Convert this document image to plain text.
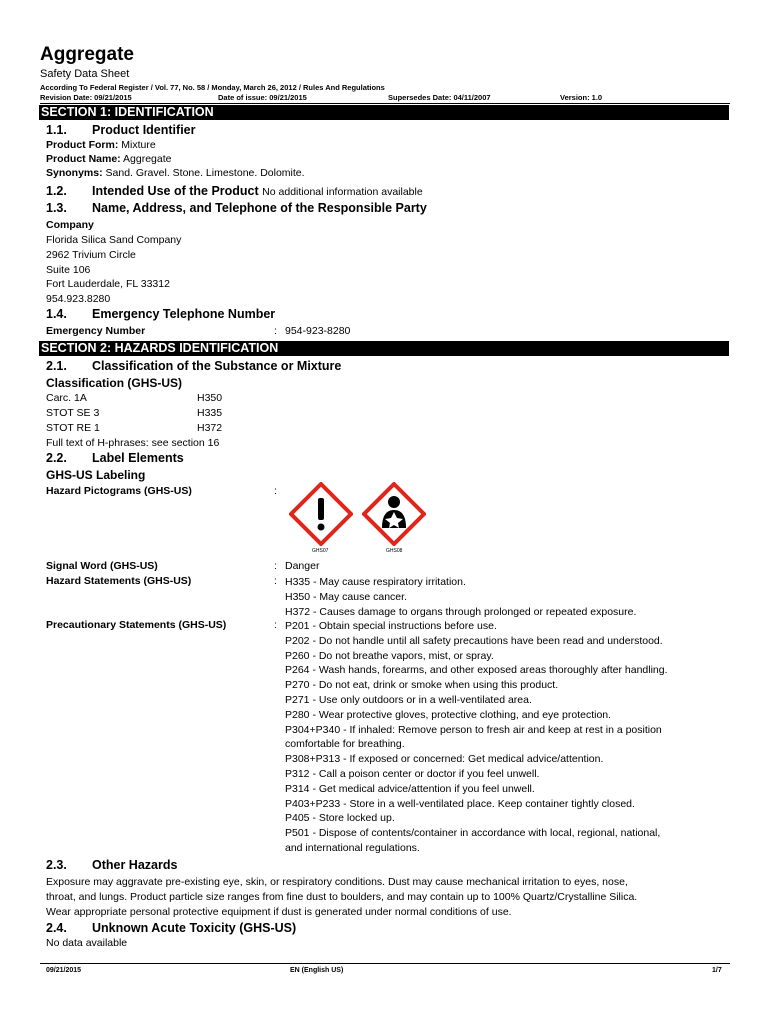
Aggregate
Safety Data Sheet
According To Federal Register / Vol. 77, No. 58 / Monday, March 26, 2012 / Rules And Regulations
Revision Date: 09/21/2015	Date of issue: 09/21/2015	Supersedes Date: 04/11/2007	Version: 1.0
SECTION 1: IDENTIFICATION
1.1. Product Identifier
Product Form: Mixture
Product Name: Aggregate
Synonyms: Sand. Gravel. Stone. Limestone. Dolomite.
1.2. Intended Use of the Product No additional information available
1.3. Name, Address, and Telephone of the Responsible Party
Company
Florida Silica Sand Company
2962 Trivium Circle
Suite 106
Fort Lauderdale, FL 33312
954.923.8280
1.4. Emergency Telephone Number
Emergency Number	: 954-923-8280
SECTION 2: HAZARDS IDENTIFICATION
2.1. Classification of the Substance or Mixture
Classification (GHS-US)
Carc. 1A	H350
STOT SE 3	H335
STOT RE 1	H372
Full text of H-phrases: see section 16
2.2. Label Elements
GHS-US Labeling
Hazard Pictograms (GHS-US)	:
GHS07	GHS08
Signal Word (GHS-US)	: Danger
Hazard Statements (GHS-US)	: H335 - May cause respiratory irritation.
H350 - May cause cancer.
H372 - Causes damage to organs through prolonged or repeated exposure.
Precautionary Statements (GHS-US)	: P201 - Obtain special instructions before use.
P202 - Do not handle until all safety precautions have been read and understood.
P260 - Do not breathe vapors, mist, or spray.
P264 - Wash hands, forearms, and other exposed areas thoroughly after handling.
P270 - Do not eat, drink or smoke when using this product.
P271 - Use only outdoors or in a well-ventilated area.
P280 - Wear protective gloves, protective clothing, and eye protection.
P304+P340 - If inhaled: Remove person to fresh air and keep at rest in a position
comfortable for breathing.
P308+P313 - If exposed or concerned: Get medical advice/attention.
P312 - Call a poison center or doctor if you feel unwell.
P314 - Get medical advice/attention if you feel unwell.
P403+P233 - Store in a well-ventilated place. Keep container tightly closed.
P405 - Store locked up.
P501 - Dispose of contents/container in accordance with local, regional, national,
and international regulations.
2.3. Other Hazards
Exposure may aggravate pre-existing eye, skin, or respiratory conditions. Dust may cause mechanical irritation to eyes, nose,
throat, and lungs. Product particle size ranges from fine dust to boulders, and may contain up to 100% Quartz/Crystalline Silica.
Wear appropriate personal protective equipment if dust is generated under normal conditions of use.
2.4. Unknown Acute Toxicity (GHS-US)
No data available
09/21/2015	EN (English US)	1/7
